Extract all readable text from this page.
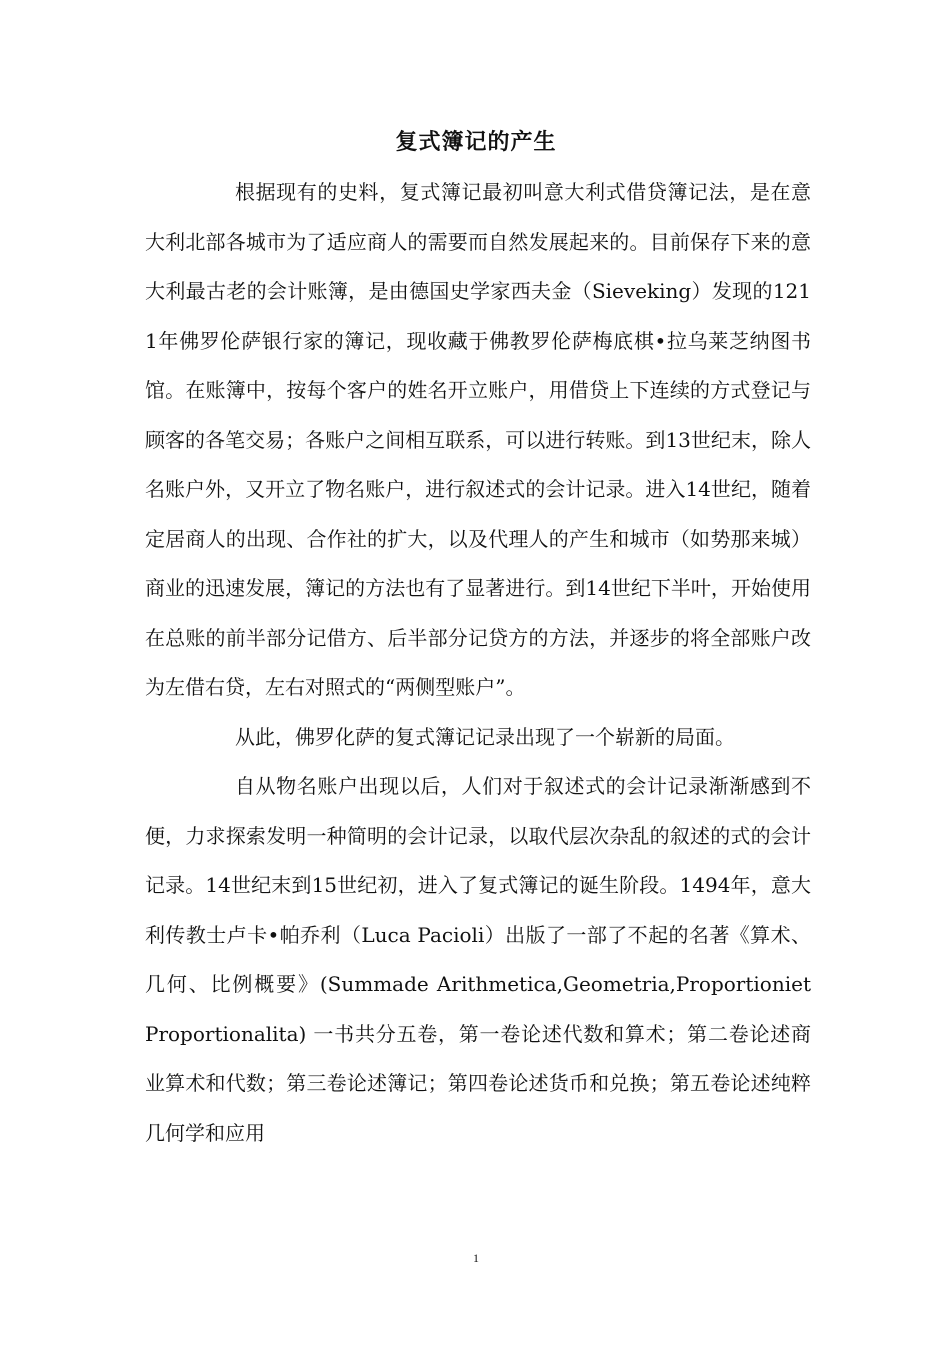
复式簿记的产生

根据现有的史料，复式簿记最初叫意大利式借贷簿记法，是在意大利北部各城市为了适应商人的需要而自然发展起来的。目前保存下来的意大利最古老的会计账簿，是由德国史学家西夫金（Sieveking）发现的1211年佛罗伦萨银行家的簿记，现收藏于佛教罗伦萨梅底棋•拉乌莱芝纳图书馆。在账簿中，按每个客户的姓名开立账户，用借贷上下连续的方式登记与顾客的各笔交易；各账户之间相互联系，可以进行转账。到13世纪末，除人名账户外，又开立了物名账户，进行叙述式的会计记录。进入14世纪，随着定居商人的出现、合作社的扩大，以及代理人的产生和城市（如势那来城）商业的迅速发展，簿记的方法也有了显著进行。到14世纪下半叶，开始使用在总账的前半部分记借方、后半部分记贷方的方法，并逐步的将全部账户改为左借右贷，左右对照式的“两侧型账户”。

从此，佛罗化萨的复式簿记记录出现了一个崭新的局面。

自从物名账户出现以后，人们对于叙述式的会计记录渐渐感到不便，力求探索发明一种简明的会计记录，以取代层次杂乱的叙述的式的会计记录。14世纪末到15世纪初，进入了复式簿记的诞生阶段。1494年，意大利传教士卢卡•帕乔利（Luca Pacioli）出版了一部了不起的名著《算术、几何、比例概要》(Summade Arithmetica,Geometria,Proportioniet Proportionalita) 一书共分五卷，第一卷论述代数和算术；第二卷论述商业算术和代数；第三卷论述簿记；第四卷论述货币和兑换；第五卷论述纯粹几何学和应用

1
